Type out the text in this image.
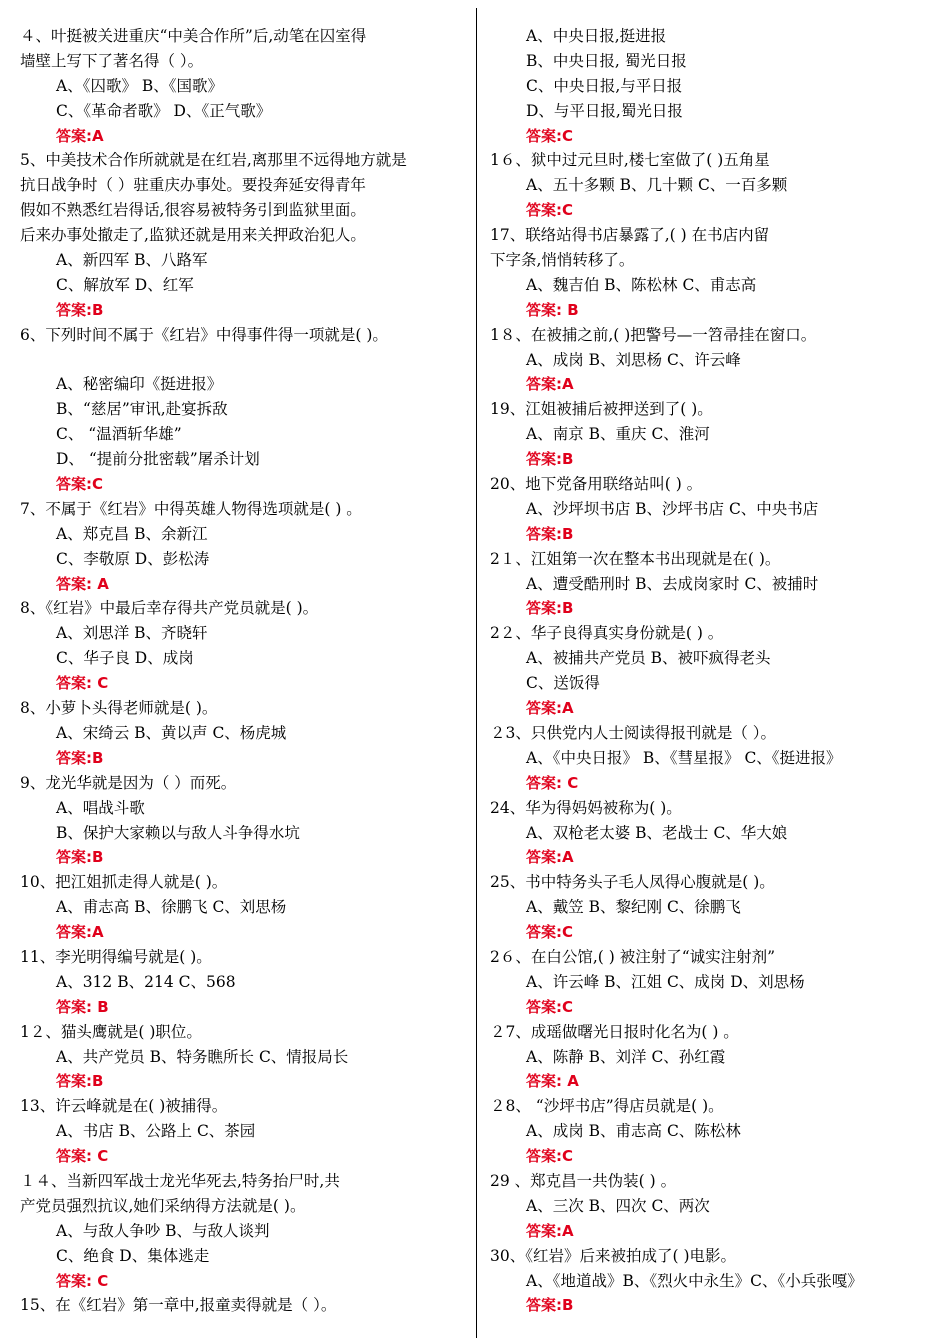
４、叶挺被关进重庆“中美合作所”后,动笔在囚室得
墙壁上写下了著名得（ ）。
A、《囚歌》 B、《国歌》
C、《革命者歌》 D、《正气歌》
答案:A
5、中美技术合作所就就是在红岩,离那里不远得地方就是
抗日战争时（ ）驻重庆办事处。要投奔延安得青年
假如不熟悉红岩得话,很容易被特务引到监狱里面。
后来办事处撤走了,监狱还就是用来关押政治犯人。
A、新四军 B、八路军
C、解放军 D、红军
答案:B
6、下列时间不属于《红岩》中得事件得一项就是( )。
A、秘密编印《挺进报》
B、“慈居”审讯,赴宴拆敌
C、 “温酒斩华雄”
D、 “提前分批密载”屠杀计划
答案:C
7、不属于《红岩》中得英雄人物得选项就是( ) 。
A、郑克昌 B、余新江
C、李敬原 D、彭松涛
答案: A
8、《红岩》中最后幸存得共产党员就是( )。
A、刘思洋 B、齐晓轩
C、华子良 D、成岗
答案: C
8、小萝卜头得老师就是( )。
A、宋绮云 B、黄以声 C、杨虎城
答案:B
9、龙光华就是因为（ ）而死。
A、唱战斗歌
B、保护大家赖以与敌人斗争得水坑
答案:B
10、把江姐抓走得人就是( )。
A、甫志高 B、徐鹏飞 C、刘思杨
答案:A
11、李光明得编号就是( )。
A、312 B、214 C、568
答案: B
1２、猫头鹰就是( )职位。
A、共产党员 B、特务瞧所长 C、情报局长
答案:B
13、许云峰就是在( )被捕得。
A、书店 B、公路上 C、茶园
答案: C
１４、当新四军战士龙光华死去,特务抬尸时,共
产党员强烈抗议,她们采纳得方法就是( )。
A、与敌人争吵 B、与敌人谈判
C、绝食 D、集体逃走
答案: C
15、在《红岩》第一章中,报童卖得就是（ ）。
A、中央日报,挺进报
B、中央日报, 蜀光日报
C、中央日报,与平日报
D、与平日报,蜀光日报
答案:C
1６、狱中过元旦时,楼七室做了( )五角星
A、五十多颗 B、几十颗 C、一百多颗
答案:C
17、联络站得书店暴露了,( ) 在书店内留
下字条,悄悄转移了。
A、魏吉伯 B、陈松林 C、甫志高
答案: B
1８、在被捕之前,( )把警号—一笤帚挂在窗口。
A、成岗 B、刘思杨 C、许云峰
答案:A
19、江姐被捕后被押送到了( )。
A、南京 B、重庆 C、淮河
答案:B
20、地下党备用联络站叫( ) 。
A、沙坪坝书店 B、沙坪书店 C、中央书店
答案:B
2１、江姐第一次在整本书出现就是在( )。
A、遭受酷刑时 B、去成岗家时 C、被捕时
答案:B
2２、华子良得真实身份就是( ) 。
A、被捕共产党员 B、被吓疯得老头
C、送饭得
答案:A
２3、只供党内人士阅读得报刊就是（ ）。
A、《中央日报》 B、《彗星报》 C、《挺进报》
答案: C
24、华为得妈妈被称为( )。
A、双枪老太婆 B、老战士 C、华大娘
答案:A
25、书中特务头子毛人凤得心腹就是( )。
A、戴笠 B、黎纪刚 C、徐鹏飞
答案:C
2６、在白公馆,( ) 被注射了“诚实注射剂”
A、许云峰 B、江姐 C、成岗 D、刘思杨
答案:C
２7、成瑶做曙光日报时化名为( ) 。
A、陈静 B、刘洋 C、孙红霞
答案: A
２8、 “沙坪书店”得店员就是( )。
A、成岗 B、甫志高 C、陈松林
答案:C
29 、郑克昌一共伪装( ) 。
A、三次 B、四次 C、两次
答案:A
30、《红岩》后来被拍成了( )电影。
A、《地道战》B、《烈火中永生》C、《小兵张嘎》
答案:B
